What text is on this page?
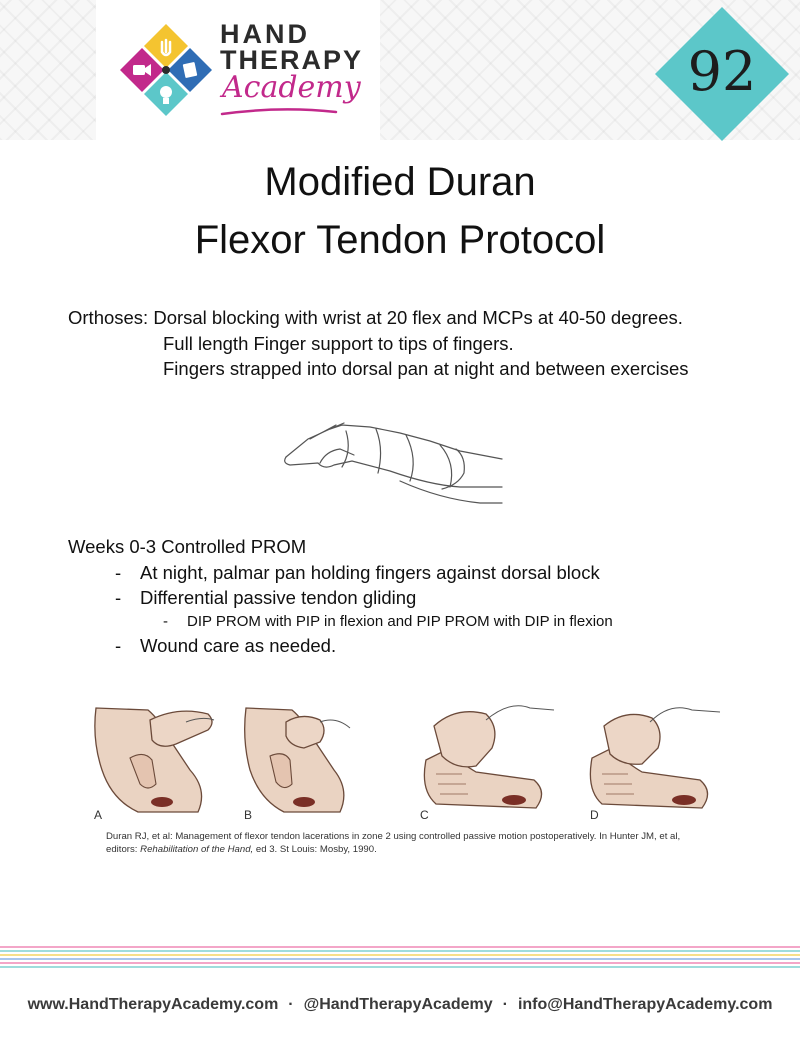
HAND
THERAPY
Academy	92
Modified Duran
Flexor Tendon Protocol
Orthoses: Dorsal blocking with wrist at 20 flex and MCPs at 40-50 degrees.
Full length Finger support to tips of fingers.
Fingers strapped into dorsal pan at night and between exercises
Weeks 0-3 Controlled PROM
- At night, palmar pan holding fingers against dorsal block
- Differential passive tendon gliding
- DIP PROM with PIP in flexion and PIP PROM with DIP in flexion
- Wound care as needed.
A	B	C	D
Duran RJ, et al: Management of flexor tendon lacerations in zone 2 using controlled passive motion postoperatively. In Hunter JM, et al, editors: Rehabilitation of the Hand, ed 3. St Louis: Mosby, 1990.
www.HandTherapyAcademy.com · @HandTherapyAcademy · info@HandTherapyAcademy.com
